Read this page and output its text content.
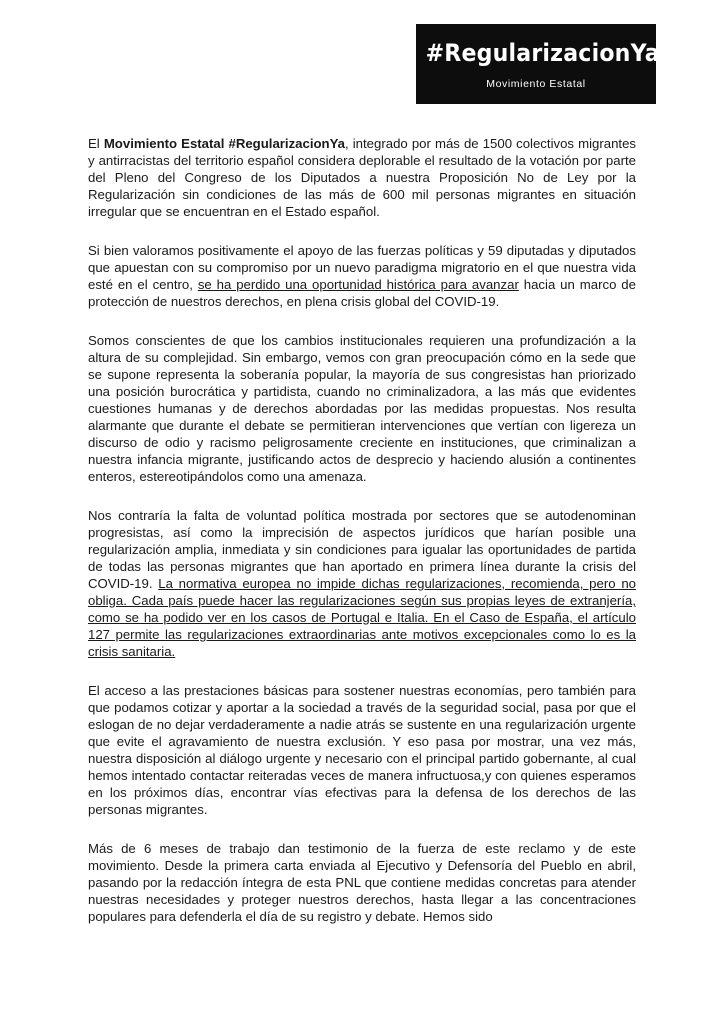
#RegularizacionYa
Movimiento Estatal

El Movimiento Estatal #RegularizacionYa, integrado por más de 1500 colectivos migrantes y antirracistas del territorio español considera deplorable el resultado de la votación por parte del Pleno del Congreso de los Diputados a nuestra Proposición No de Ley por la Regularización sin condiciones de las más de 600 mil personas migrantes en situación irregular que se encuentran en el Estado español.

Si bien valoramos positivamente el apoyo de las fuerzas políticas y 59 diputadas y diputados que apuestan con su compromiso por un nuevo paradigma migratorio en el que nuestra vida esté en el centro, se ha perdido una oportunidad histórica para avanzar hacia un marco de protección de nuestros derechos, en plena crisis global del COVID-19.

Somos conscientes de que los cambios institucionales requieren una profundización a la altura de su complejidad. Sin embargo, vemos con gran preocupación cómo en la sede que se supone representa la soberanía popular, la mayoría de sus congresistas han priorizado una posición burocrática y partidista, cuando no criminalizadora, a las más que evidentes cuestiones humanas y de derechos abordadas por las medidas propuestas. Nos resulta alarmante que durante el debate se permitieran intervenciones que vertían con ligereza un discurso de odio y racismo peligrosamente creciente en instituciones, que criminalizan a nuestra infancia migrante, justificando actos de desprecio y haciendo alusión a continentes enteros, estereotipándolos como una amenaza.

Nos contraría la falta de voluntad política mostrada por sectores que se autodenominan progresistas, así como la imprecisión de aspectos jurídicos que harían posible una regularización amplia, inmediata y sin condiciones para igualar las oportunidades de partida de todas las personas migrantes que han aportado en primera línea durante la crisis del COVID-19. La normativa europea no impide dichas regularizaciones, recomienda, pero no obliga. Cada país puede hacer las regularizaciones según sus propias leyes de extranjería, como se ha podido ver en los casos de Portugal e Italia. En el Caso de España, el artículo 127 permite las regularizaciones extraordinarias ante motivos excepcionales como lo es la crisis sanitaria.

El acceso a las prestaciones básicas para sostener nuestras economías, pero también para que podamos cotizar y aportar a la sociedad a través de la seguridad social, pasa por que el eslogan de no dejar verdaderamente a nadie atrás se sustente en una regularización urgente que evite el agravamiento de nuestra exclusión. Y eso pasa por mostrar, una vez más, nuestra disposición al diálogo urgente y necesario con el principal partido gobernante, al cual hemos intentado contactar reiteradas veces de manera infructuosa,y con quienes esperamos en los próximos días, encontrar vías efectivas para la defensa de los derechos de las personas migrantes.

Más de 6 meses de trabajo dan testimonio de la fuerza de este reclamo y de este movimiento. Desde la primera carta enviada al Ejecutivo y Defensoría del Pueblo en abril, pasando por la redacción íntegra de esta PNL que contiene medidas concretas para atender nuestras necesidades y proteger nuestros derechos, hasta llegar a las concentraciones populares para defenderla el día de su registro y debate. Hemos sido
